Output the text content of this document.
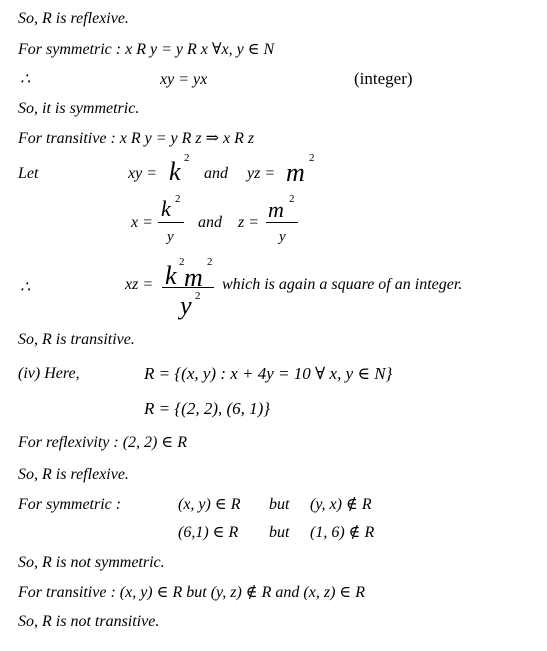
So, R is reflexive.
For symmetric : x R y = y R x ∀x, y ∈ N
∴	xy = yx	(integer)
So, it is symmetric.
For transitive : x R y = y R z ⇒ x R z
Let	xy = k 2
and yz = m 2
x =
k 2
y
and z =
m 2
y
∴	xz = k 2
m
2
y 2
which is again a square of an integer.
So, R is transitive.
(iv) Here,	R = {(x, y) : x + 4y = 10 ∀ x, y ∈ N}
R = {(2, 2), (6, 1)}
For reflexivity : (2, 2) ∈ R
So, R is reflexive.
For symmetric :	(x, y) ∈ R but (y, x) ∉ R
(6,1) ∈ R but (1, 6) ∉ R
So, R is not symmetric.
For transitive : (x, y) ∈ R but (y, z) ∉ R and (x, z) ∈ R
So, R is not transitive.
